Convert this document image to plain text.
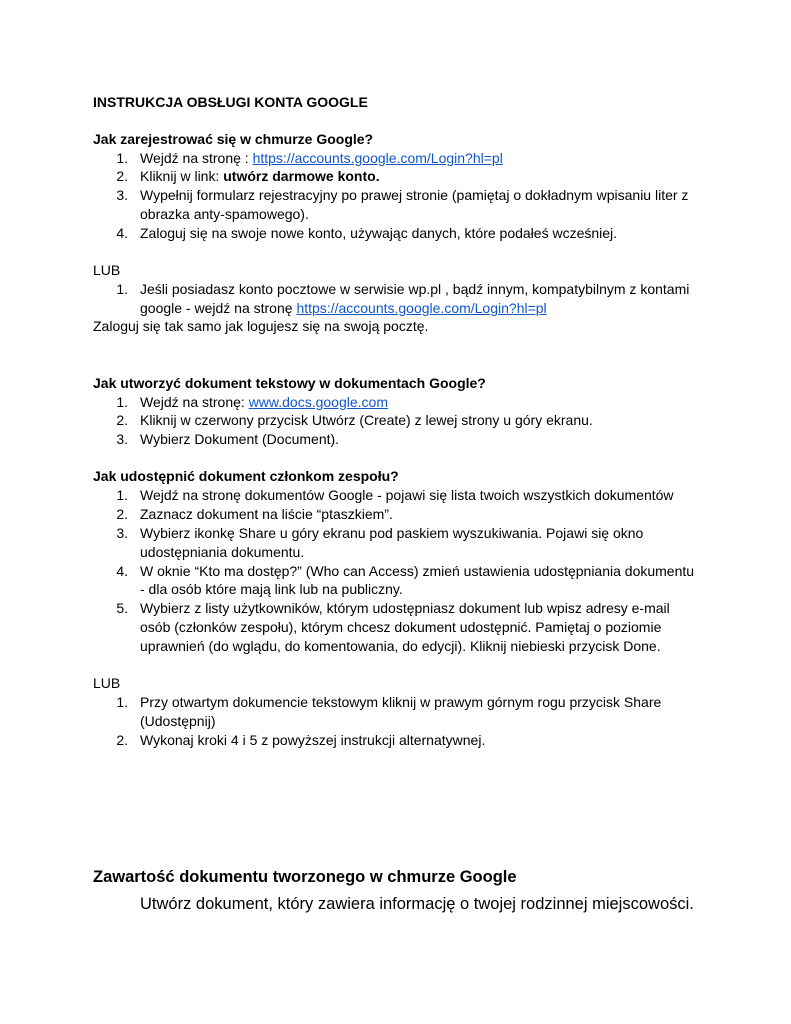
INSTRUKCJA OBSŁUGI KONTA GOOGLE
Jak zarejestrować się w chmurze Google?
1. Wejdź na stronę : https://accounts.google.com/Login?hl=pl
2. Kliknij w link: utwórz darmowe konto.
3. Wypełnij formularz rejestracyjny po prawej stronie (pamiętaj o dokładnym wpisaniu liter z
obrazka anty-spamowego).
4. Zaloguj się na swoje nowe konto, używając danych, które podałeś wcześniej.
LUB
1. Jeśli posiadasz konto pocztowe w serwisie wp.pl , bądź innym, kompatybilnym z kontami
google - wejdź na stronę https://accounts.google.com/Login?hl=pl
Zaloguj się tak samo jak logujesz się na swoją pocztę.
Jak utworzyć dokument tekstowy w dokumentach Google?
1. Wejdź na stronę: www.docs.google.com
2. Kliknij w czerwony przycisk Utwórz (Create) z lewej strony u góry ekranu.
3. Wybierz Dokument (Document).
Jak udostępnić dokument członkom zespołu?
1. Wejdź na stronę dokumentów Google - pojawi się lista twoich wszystkich dokumentów
2. Zaznacz dokument na liście “ptaszkiem”.
3. Wybierz ikonkę Share u góry ekranu pod paskiem wyszukiwania. Pojawi się okno
udostępniania dokumentu.
4. W oknie “Kto ma dostęp?” (Who can Access) zmień ustawienia udostępniania dokumentu
- dla osób które mają link lub na publiczny.
5. Wybierz z listy użytkowników, którym udostępniasz dokument lub wpisz adresy e-mail
osób (członków zespołu), którym chcesz dokument udostępnić. Pamiętaj o poziomie
uprawnień (do wglądu, do komentowania, do edycji). Kliknij niebieski przycisk Done.
LUB
1. Przy otwartym dokumencie tekstowym kliknij w prawym górnym rogu przycisk Share
(Udostępnij)
2. Wykonaj kroki 4 i 5 z powyższej instrukcji alternatywnej.
Zawartość dokumentu tworzonego w chmurze Google
Utwórz dokument, który zawiera informację o twojej rodzinnej miejscowości.
